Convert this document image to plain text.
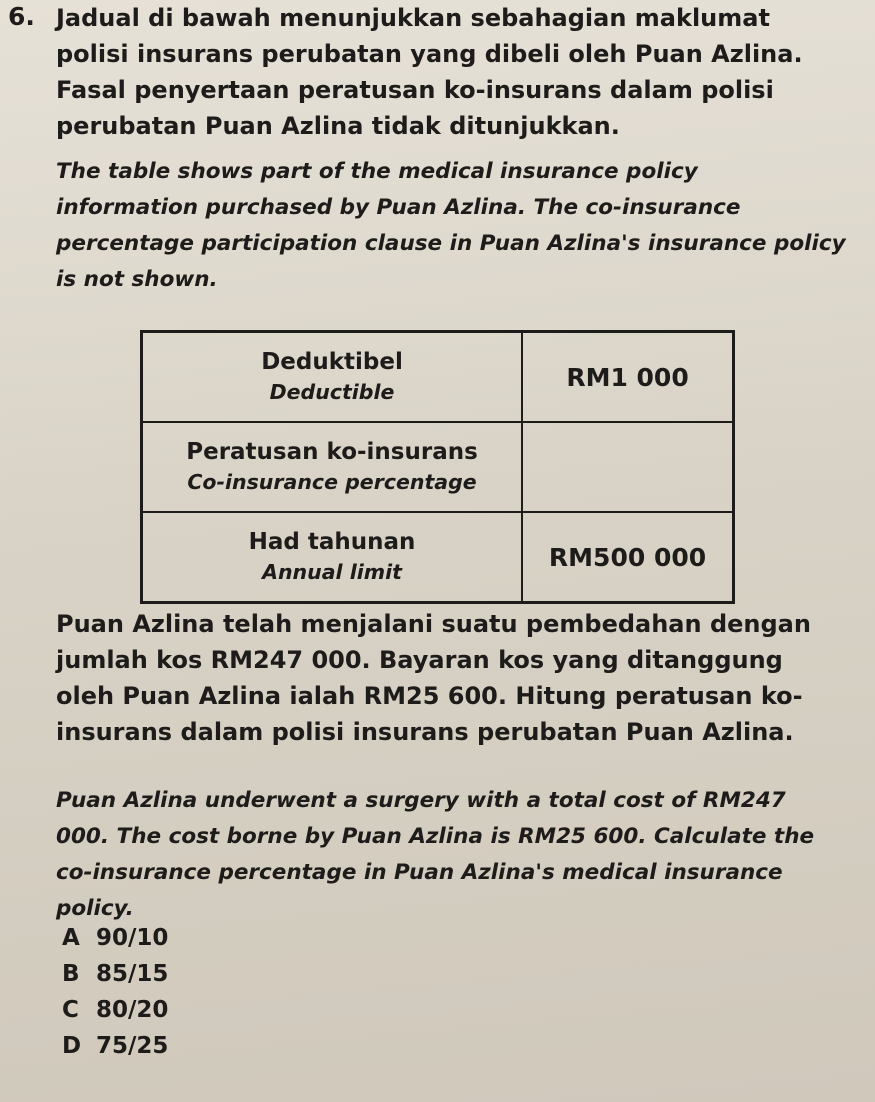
6. Jadual di bawah menunjukkan sebahagian maklumat polisi insurans perubatan yang dibeli oleh Puan Azlina. Fasal penyertaan peratusan ko-insurans dalam polisi perubatan Puan Azlina tidak ditunjukkan.

The table shows part of the medical insurance policy information purchased by Puan Azlina. The co-insurance percentage participation clause in Puan Azlina's insurance policy is not shown.

Deduktibel
Deductible	RM1 000

Peratusan ko-insurans
Co-insurance percentage	

Had tahunan
Annual limit	RM500 000

Puan Azlina telah menjalani suatu pembedahan dengan jumlah kos RM247 000. Bayaran kos yang ditanggung oleh Puan Azlina ialah RM25 600. Hitung peratusan ko-insurans dalam polisi insurans perubatan Puan Azlina.

Puan Azlina underwent a surgery with a total cost of RM247 000. The cost borne by Puan Azlina is RM25 600. Calculate the co-insurance percentage in Puan Azlina's medical insurance policy.

A 90/10
B 85/15
C 80/20
D 75/25
